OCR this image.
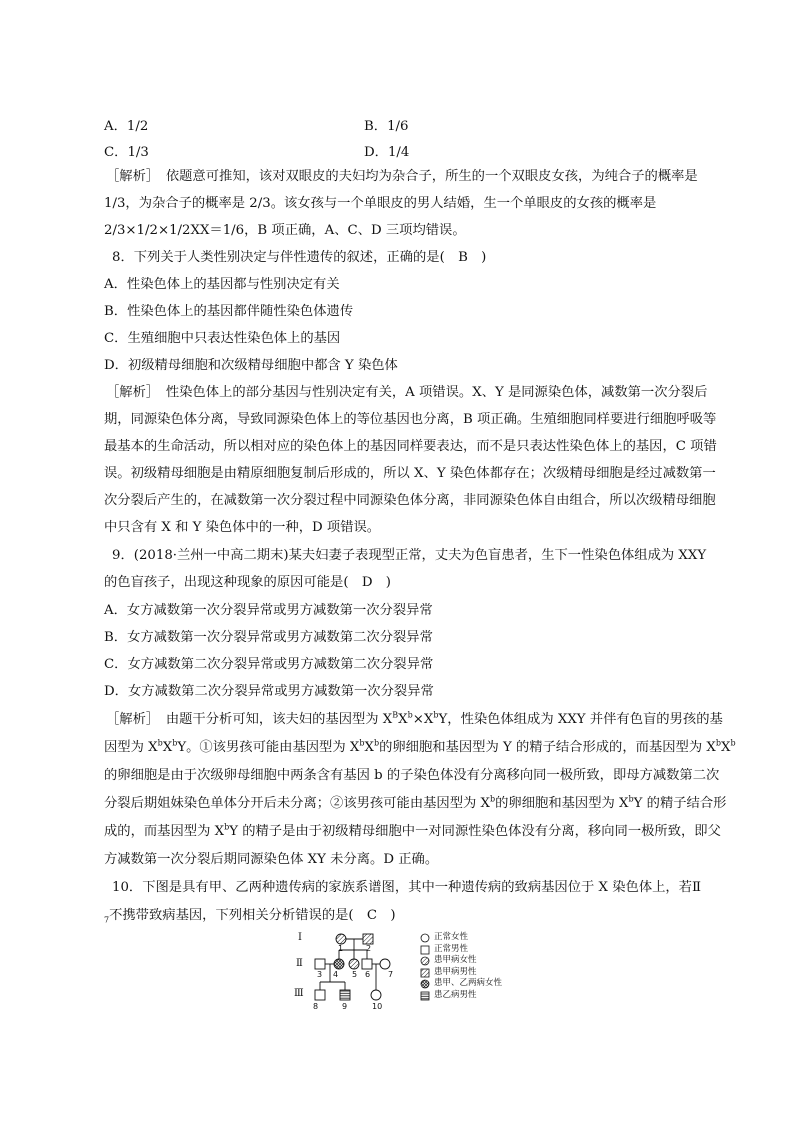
A．1/2	B．1/6
C．1/3	D．1/4
［解析］　依题意可推知，该对双眼皮的夫妇均为杂合子，所生的一个双眼皮女孩，为纯合子的概率是
1/3，为杂合子的概率是 2/3。该女孩与一个单眼皮的男人结婚，生一个单眼皮的女孩的概率是
2/3×1/2×1/2XX＝1/6，B 项正确，A、C、D 三项均错误。
8．下列关于人类性别决定与伴性遗传的叙述，正确的是(　B　)
A．性染色体上的基因都与性别决定有关
B．性染色体上的基因都伴随性染色体遗传
C．生殖细胞中只表达性染色体上的基因
D．初级精母细胞和次级精母细胞中都含 Y 染色体
［解析］　性染色体上的部分基因与性别决定有关，A 项错误。X、Y 是同源染色体，减数第一次分裂后
期，同源染色体分离，导致同源染色体上的等位基因也分离，B 项正确。生殖细胞同样要进行细胞呼吸等
最基本的生命活动，所以相对应的染色体上的基因同样要表达，而不是只表达性染色体上的基因，C 项错
误。初级精母细胞是由精原细胞复制后形成的，所以 X、Y 染色体都存在；次级精母细胞是经过减数第一
次分裂后产生的，在减数第一次分裂过程中同源染色体分离，非同源染色体自由组合，所以次级精母细胞
中只含有 X 和 Y 染色体中的一种，D 项错误。
9．(2018·兰州一中高二期末)某夫妇妻子表现型正常，丈夫为色盲患者，生下一性染色体组成为 XXY
的色盲孩子，出现这种现象的原因可能是(　D　)
A．女方减数第一次分裂异常或男方减数第一次分裂异常
B．女方减数第一次分裂异常或男方减数第二次分裂异常
C．女方减数第二次分裂异常或男方减数第二次分裂异常
D．女方减数第二次分裂异常或男方减数第一次分裂异常
［解析］　由题干分析可知，该夫妇的基因型为 $X^BX^b\times X^bY$，性染色体组成为 XXY 并伴有色盲的男孩的基
因型为 $X^bX^bY$。①该男孩可能由基因型为 $X^bX^b$的卵细胞和基因型为 Y 的精子结合形成的，而基因型为 $X^bX^b$
的卵细胞是由于次级卵母细胞中两条含有基因 b 的子染色体没有分离移向同一极所致，即母方减数第二次
分裂后期姐妹染色单体分开后未分离；②该男孩可能由基因型为 $X^b$的卵细胞和基因型为 $X^bY$ 的精子结合形
成的，而基因型为 $X^bY$ 的精子是由于初级精母细胞中一对同源性染色体没有分离，移向同一极所致，即父
方减数第一次分裂后期同源染色体 XY 未分离。D 正确。
10．下图是具有甲、乙两种遗传病的家族系谱图，其中一种遗传病的致病基因位于 X 染色体上，若Ⅱ
$_7$不携带致病基因，下列相关分析错误的是(　C　)
Ⅰ
Ⅱ
Ⅲ
1	2
3 4 5 6 7
8	9	10
正常女性
正常男性
患甲病女性
患甲病男性
患甲、乙两病女性
患乙病男性
